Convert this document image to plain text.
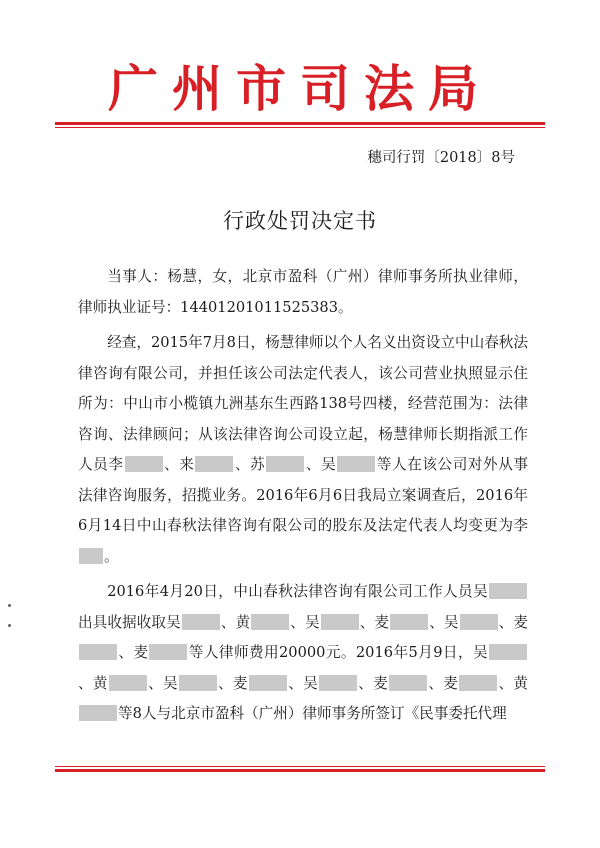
广州市司法局
穗司行罚〔2018〕8号
行政处罚决定书

当事人：杨慧，女，北京市盈科（广州）律师事务所执业律师，律师执业证号：14401201011525383。

经查，2015年7月8日，杨慧律师以个人名义出资设立中山春秋法律咨询有限公司，并担任该公司法定代表人，该公司营业执照显示住所为：中山市小榄镇九洲基东生西路138号四楼，经营范围为：法律咨询、法律顾问；从该法律咨询公司设立起，杨慧律师长期指派工作人员李	、来	、苏	、吴	等人在该公司对外从事法律咨询服务，招揽业务。2016年6月6日我局立案调查后，2016年6月14日中山春秋法律咨询有限公司的股东及法定代表人均变更为李。

2016年4月20日，中山春秋法律咨询有限公司工作人员吴出具收据收取吴	、黄	、吴	、麦	、吴	、麦、麦	等人律师费用20000元。2016年5月9日，吴、黄	、吴	、麦	、吴	、麦	、麦	、黄等8人与北京市盈科（广州）律师事务所签订《民事委托代理
